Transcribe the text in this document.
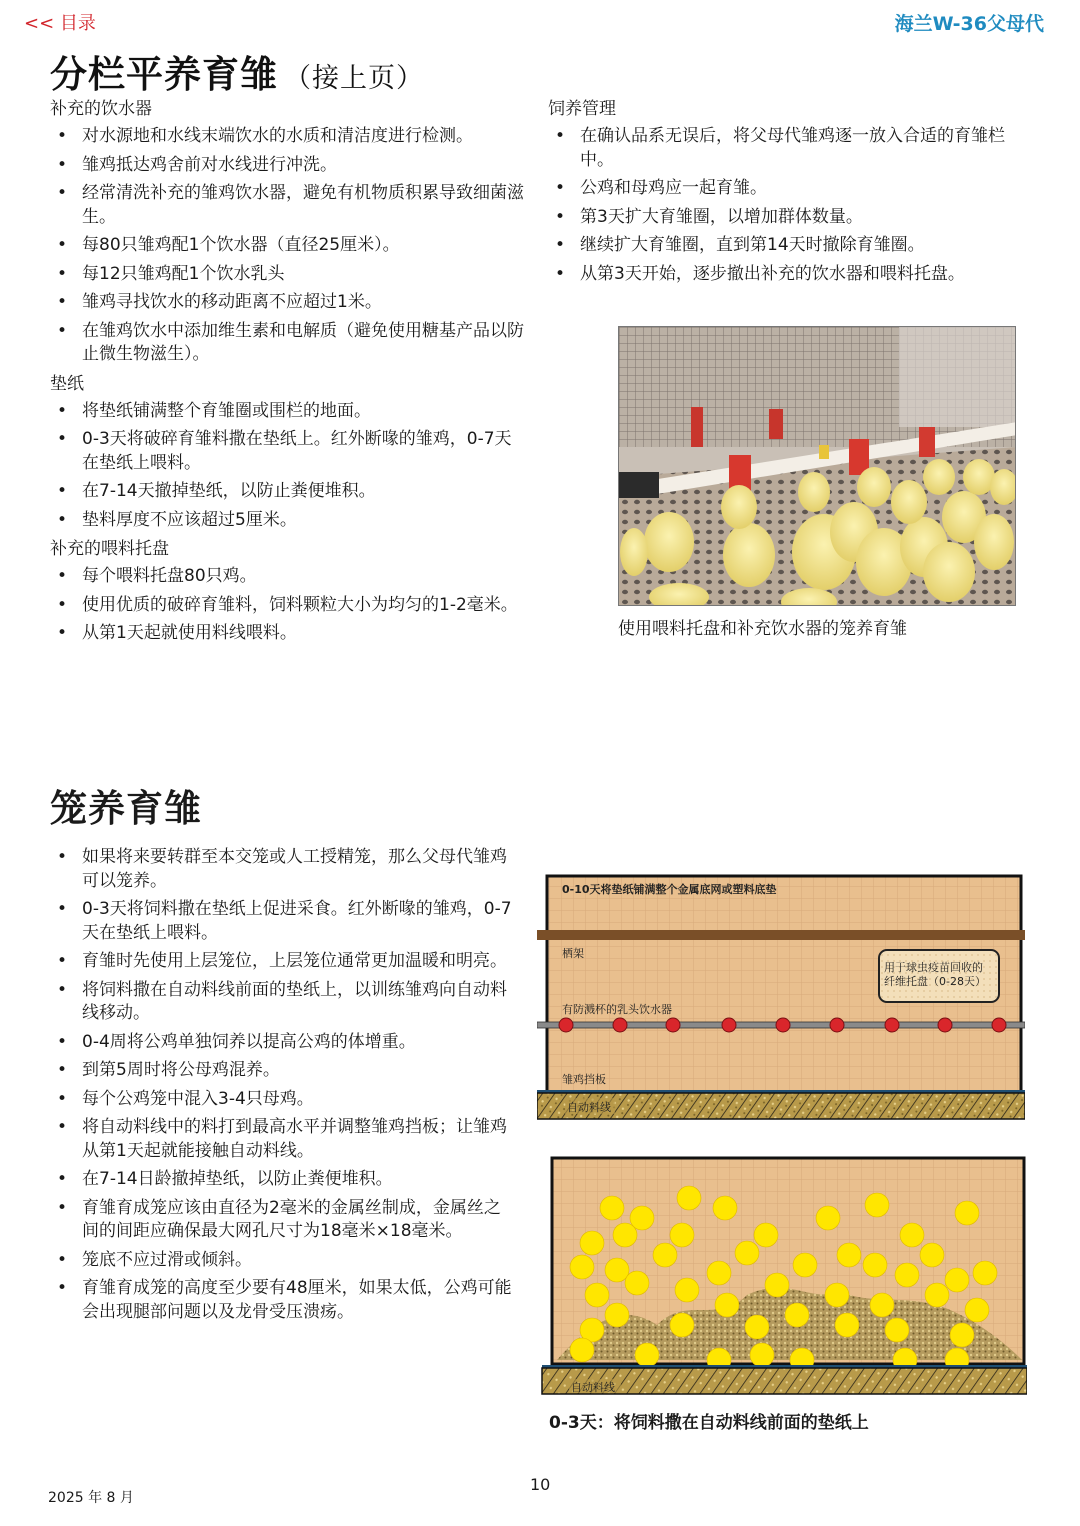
<< 目录	海兰W-36父母代
分栏平养育雏 （接上页）
补充的饮水器
• 对水源地和水线末端饮水的水质和清洁度进行检测。
• 雏鸡抵达鸡舍前对水线进行冲洗。
• 经常清洗补充的雏鸡饮水器，避免有机物质积累导致细菌滋生。
• 每80只雏鸡配1个饮水器（直径25厘米）。
• 每12只雏鸡配1个饮水乳头
• 雏鸡寻找饮水的移动距离不应超过1米。
• 在雏鸡饮水中添加维生素和电解质（避免使用糖基产品以防止微生物滋生）。
垫纸
• 将垫纸铺满整个育雏圈或围栏的地面。
• 0-3天将破碎育雏料撒在垫纸上。红外断喙的雏鸡，0-7天在垫纸上喂料。
• 在7-14天撤掉垫纸，以防止粪便堆积。
• 垫料厚度不应该超过5厘米。
补充的喂料托盘
• 每个喂料托盘80只鸡。
• 使用优质的破碎育雏料，饲料颗粒大小为均匀的1-2毫米。
• 从第1天起就使用料线喂料。
饲养管理
• 在确认品系无误后，将父母代雏鸡逐一放入合适的育雏栏中。
• 公鸡和母鸡应一起育雏。
• 第3天扩大育雏圈，以增加群体数量。
• 继续扩大育雏圈，直到第14天时撤除育雏圈。
• 从第3天开始，逐步撤出补充的饮水器和喂料托盘。
使用喂料托盘和补充饮水器的笼养育雏
笼养育雏
• 如果将来要转群至本交笼或人工授精笼，那么父母代雏鸡可以笼养。
• 0-3天将饲料撒在垫纸上促进采食。红外断喙的雏鸡，0-7天在垫纸上喂料。
• 育雏时先使用上层笼位，上层笼位通常更加温暖和明亮。
• 将饲料撒在自动料线前面的垫纸上，以训练雏鸡向自动料线移动。
• 0-4周将公鸡单独饲养以提高公鸡的体增重。
• 到第5周时将公母鸡混养。
• 每个公鸡笼中混入3-4只母鸡。
• 将自动料线中的料打到最高水平并调整雏鸡挡板；让雏鸡从第1天起就能接触自动料线。
• 在7-14日龄撤掉垫纸，以防止粪便堆积。
• 育雏育成笼应该由直径为2毫米的金属丝制成，金属丝之间的间距应确保最大网孔尺寸为18毫米×18毫米。
• 笼底不应过滑或倾斜。
• 育雏育成笼的高度至少要有48厘米，如果太低，公鸡可能会出现腿部问题以及龙骨受压溃疡。
0-10天将垫纸铺满整个金属底网或塑料底垫
栖架
用于球虫疫苗回收的
纤维托盘（0-28天）
有防溅杯的乳头饮水器
雏鸡挡板
自动料线
自动料线
0-3天：将饲料撒在自动料线前面的垫纸上
2025 年 8 月
10
